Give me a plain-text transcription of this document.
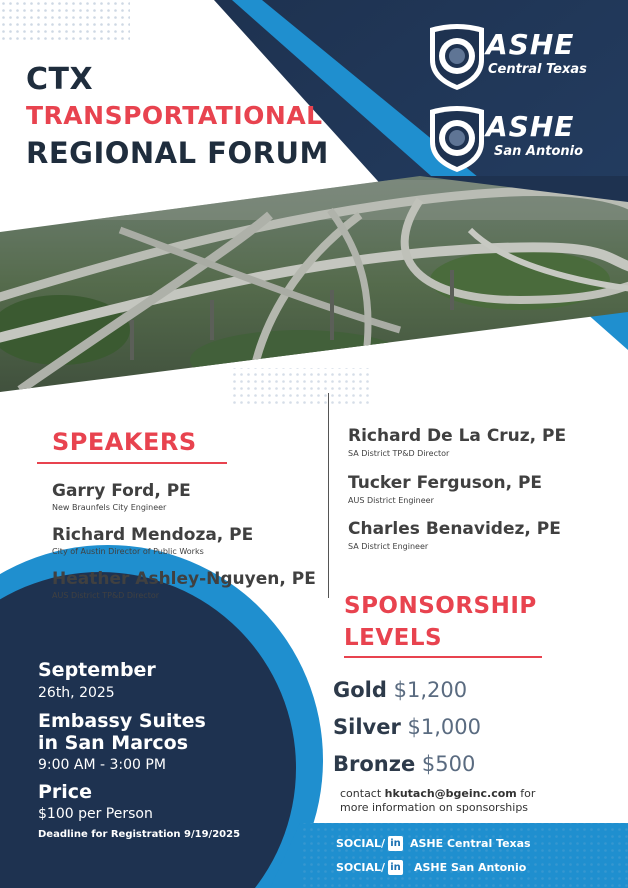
CTX
TRANSPORTATIONAL
REGIONAL FORUM
ASHE
Central Texas
ASHE
San Antonio
SPEAKERS
Garry Ford, PE
New Braunfels City Engineer
Richard Mendoza, PE
City of Austin Director of Public Works
Heather Ashley-Nguyen, PE
AUS District TP&D Director
Richard De La Cruz, PE
SA District TP&D Director
Tucker Ferguson, PE
AUS District Engineer
Charles Benavidez, PE
SA District Engineer
SPONSORSHIP
LEVELS
Gold $1,200
Silver $1,000
Bronze $500
contact hkutach@bgeinc.com for
more information on sponsorships
September
26th, 2025
Embassy Suites
in San Marcos
9:00 AM - 3:00 PM
Price
$100 per Person
Deadline for Registration 9/19/2025
SOCIAL/ in ASHE Central Texas
SOCIAL/ in ASHE San Antonio
